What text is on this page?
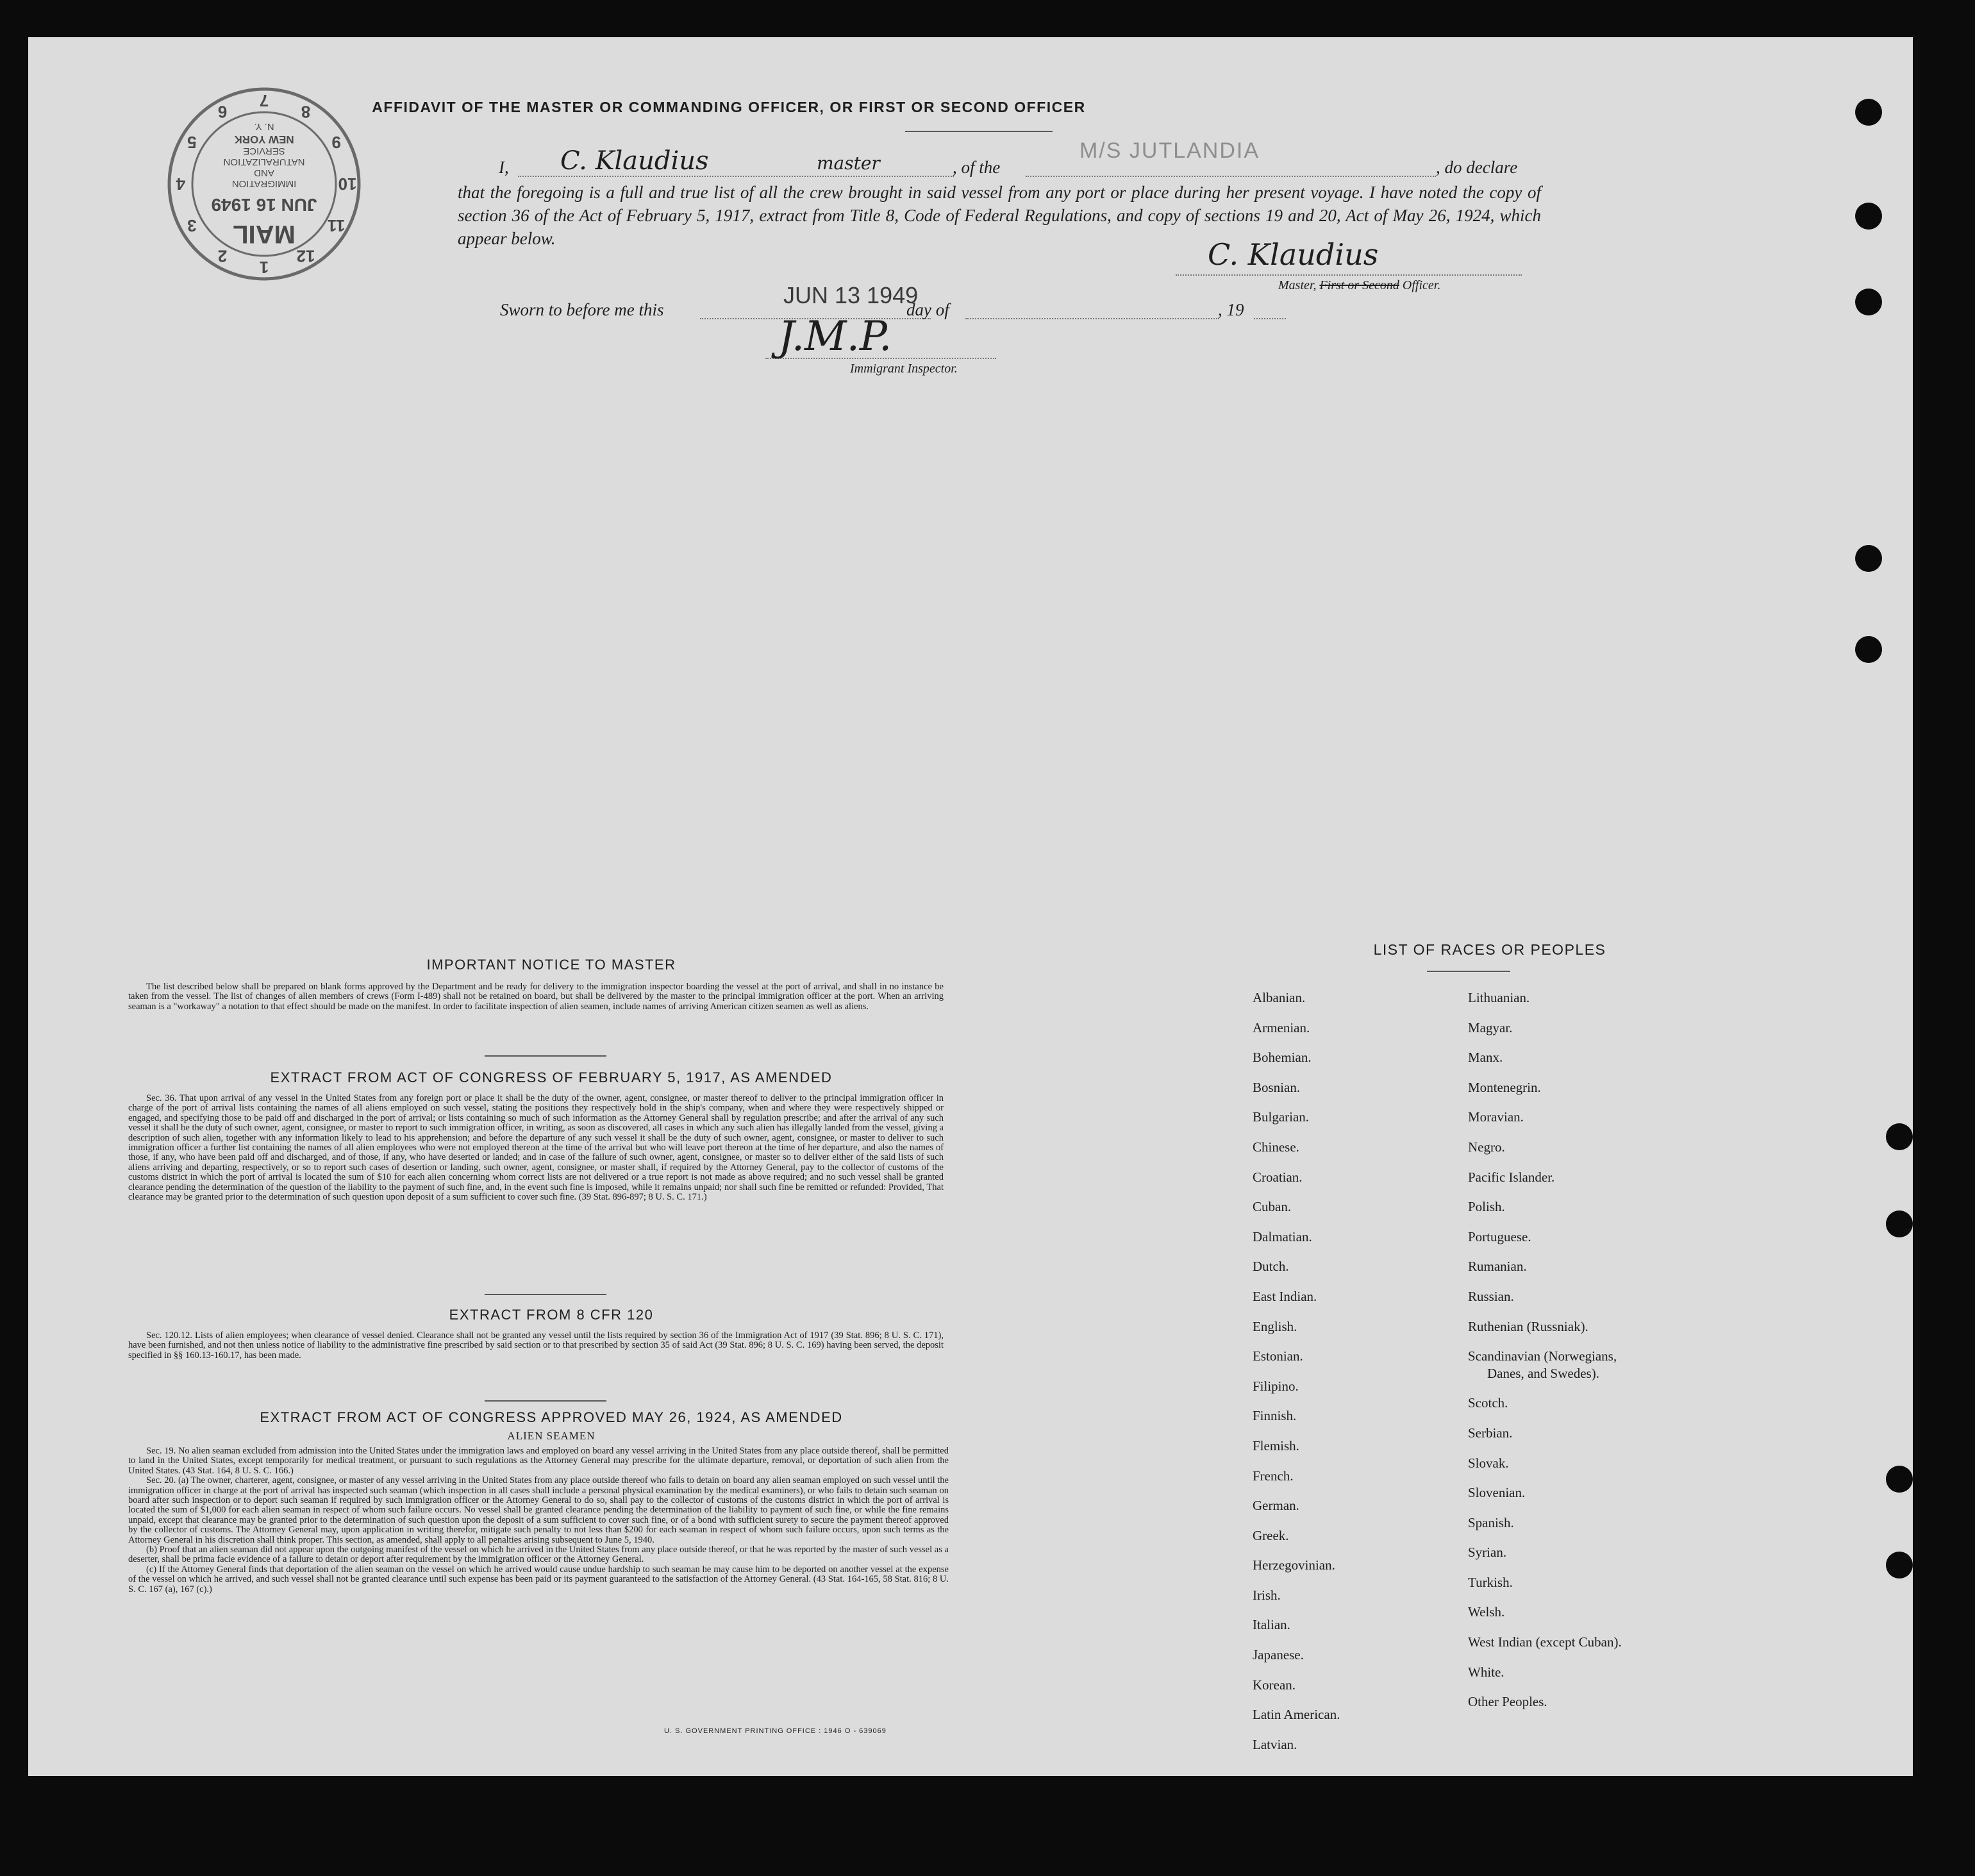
1
2
3
4
5
6
7
8
9
10
11
12
MAIL
JUN 16 1949
IMMIGRATION
AND
NATURALIZATION
SERVICE
NEW YORK
N. Y.
AFFIDAVIT OF THE MASTER OR COMMANDING OFFICER, OR FIRST OR SECOND OFFICER
I, C. Klaudius	master	, of the
M/S JUTLANDIA
, do declare
that the foregoing is a full and true list of all the crew brought in said vessel from any port or place during her present voyage. I have noted the copy of section 36 of the Act of February 5, 1917, extract from Title 8, Code of Federal Regulations, and copy of sections 19 and 20, Act of May 26, 1924, which appear below.	C. Klaudius
Master, First or Second Officer.
Sworn to before me this
JUN 13 1949
day of	, 19
J.M.P.
Immigrant Inspector.
IMPORTANT NOTICE TO MASTER
The list described below shall be prepared on blank forms approved by the Department and be ready for delivery to the immigration inspector boarding the vessel at the port of arrival, and shall in no instance be taken from the vessel. The list of changes of alien members of crews (Form I-489) shall not be retained on board, but shall be delivered by the master to the principal immigration officer at the port. When an arriving seaman is a "workaway" a notation to that effect should be made on the manifest. In order to facilitate inspection of alien seamen, include names of arriving American citizen seamen as well as aliens.
EXTRACT FROM ACT OF CONGRESS OF FEBRUARY 5, 1917, AS AMENDED
Sec. 36. That upon arrival of any vessel in the United States from any foreign port or place it shall be the duty of the owner, agent, consignee, or master thereof to deliver to the principal immigration officer in charge of the port of arrival lists containing the names of all aliens employed on such vessel, stating the positions they respectively hold in the ship's company, when and where they were respectively shipped or engaged, and specifying those to be paid off and discharged in the port of arrival; or lists containing so much of such information as the Attorney General shall by regulation prescribe; and after the arrival of any such vessel it shall be the duty of such owner, agent, consignee, or master to report to such immigration officer, in writing, as soon as discovered, all cases in which any such alien has illegally landed from the vessel, giving a description of such alien, together with any information likely to lead to his apprehension; and before the departure of any such vessel it shall be the duty of such owner, agent, consignee, or master to deliver to such immigration officer a further list containing the names of all alien employees who were not employed thereon at the time of the arrival but who will leave port thereon at the time of her departure, and also the names of those, if any, who have been paid off and discharged, and of those, if any, who have deserted or landed; and in case of the failure of such owner, agent, consignee, or master so to deliver either of the said lists of such aliens arriving and departing, respectively, or so to report such cases of desertion or landing, such owner, agent, consignee, or master shall, if required by the Attorney General, pay to the collector of customs of the customs district in which the port of arrival is located the sum of $10 for each alien concerning whom correct lists are not delivered or a true report is not made as above required; and no such vessel shall be granted clearance pending the determination of the question of the liability to the payment of such fine, and, in the event such fine is imposed, while it remains unpaid; nor shall such fine be remitted or refunded: Provided, That clearance may be granted prior to the determination of such question upon deposit of a sum sufficient to cover such fine. (39 Stat. 896-897; 8 U. S. C. 171.)
EXTRACT FROM 8 CFR 120
Sec. 120.12. Lists of alien employees; when clearance of vessel denied. Clearance shall not be granted any vessel until the lists required by section 36 of the Immigration Act of 1917 (39 Stat. 896; 8 U. S. C. 171), have been furnished, and not then unless notice of liability to the administrative fine prescribed by said section or to that prescribed by section 35 of said Act (39 Stat. 896; 8 U. S. C. 169) having been served, the deposit specified in §§ 160.13-160.17, has been made.
EXTRACT FROM ACT OF CONGRESS APPROVED MAY 26, 1924, AS AMENDED
ALIEN SEAMEN

Sec. 19. No alien seaman excluded from admission into the United States under the immigration laws and employed on board any vessel arriving in the United States from any place outside thereof, shall be permitted to land in the United States, except temporarily for medical treatment, or pursuant to such regulations as the Attorney General may prescribe for the ultimate departure, removal, or deportation of such alien from the United States. (43 Stat. 164, 8 U. S. C. 166.)

Sec. 20. (a) The owner, charterer, agent, consignee, or master of any vessel arriving in the United States from any place outside thereof who fails to detain on board any alien seaman employed on such vessel until the immigration officer in charge at the port of arrival has inspected such seaman (which inspection in all cases shall include a personal physical examination by the medical examiners), or who fails to detain such seaman on board after such inspection or to deport such seaman if required by such immigration officer or the Attorney General to do so, shall pay to the collector of customs of the customs district in which the port of arrival is located the sum of $1,000 for each alien seaman in respect of whom such failure occurs. No vessel shall be granted clearance pending the determination of the liability to payment of such fine, or while the fine remains unpaid, except that clearance may be granted prior to the determination of such question upon the deposit of a sum sufficient to cover such fine, or of a bond with sufficient surety to secure the payment thereof approved by the collector of customs. The Attorney General may, upon application in writing therefor, mitigate such penalty to not less than $200 for each seaman in respect of whom such failure occurs, upon such terms as the Attorney General in his discretion shall think proper. This section, as amended, shall apply to all penalties arising subsequent to June 5, 1940.

(b) Proof that an alien seaman did not appear upon the outgoing manifest of the vessel on which he arrived in the United States from any place outside thereof, or that he was reported by the master of such vessel as a deserter, shall be prima facie evidence of a failure to detain or deport after requirement by the immigration officer or the Attorney General.

(c) If the Attorney General finds that deportation of the alien seaman on the vessel on which he arrived would cause undue hardship to such seaman he may cause him to be deported on another vessel at the expense of the vessel on which he arrived, and such vessel shall not be granted clearance until such expense has been paid or its payment guaranteed to the satisfaction of the Attorney General. (43 Stat. 164-165, 58 Stat. 816; 8 U. S. C. 167 (a), 167 (c).)

U. S. GOVERNMENT PRINTING OFFICE : 1946 O - 639069
LIST OF RACES OR PEOPLES
Albanian.
Armenian.
Bohemian.
Bosnian.
Bulgarian.
Chinese.
Croatian.
Cuban.
Dalmatian.
Dutch.
East Indian.
English.
Estonian.
Filipino.
Finnish.
Flemish.
French.
German.
Greek.
Herzegovinian.
Irish.
Italian.
Japanese.
Korean.
Latin American.
Latvian.
Lithuanian.
Magyar.
Manx.
Montenegrin.
Moravian.
Negro.
Pacific Islander.
Polish.
Portuguese.
Rumanian.
Russian.
Ruthenian (Russniak).
Scandinavian (Norwegians,
Danes, and Swedes).
Scotch.
Serbian.
Slovak.
Slovenian.
Spanish.
Syrian.
Turkish.
Welsh.
West Indian (except Cuban).
White.
Other Peoples.
